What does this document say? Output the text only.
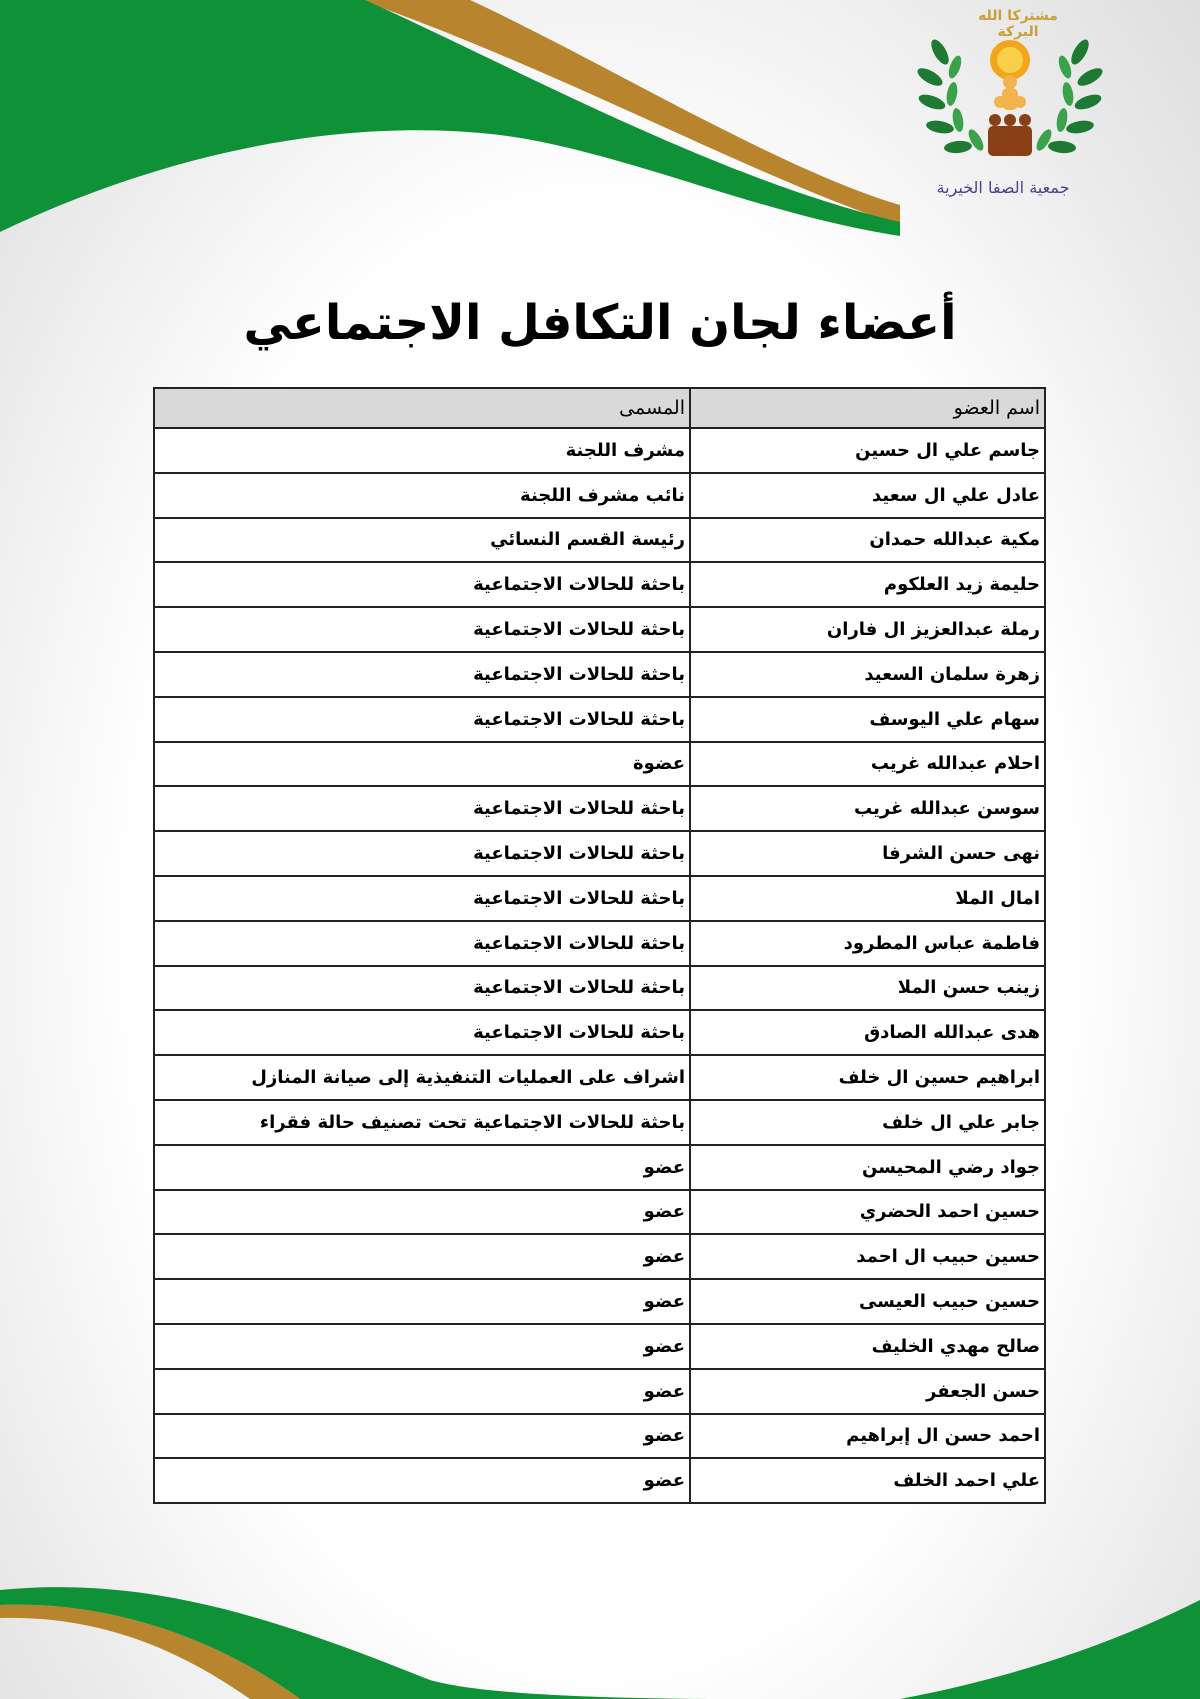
مشتركا الله البركة
جمعية الصفا الخيرية
أعضاء لجان التكافل الاجتماعي
اسم العضو	المسمى
جاسم علي ال حسين	مشرف اللجنة
عادل علي ال سعيد	نائب مشرف اللجنة
مكية عبدالله حمدان	رئيسة القسم النسائي
حليمة زيد العلكوم	باحثة للحالات الاجتماعية
رملة عبدالعزيز ال فاران	باحثة للحالات الاجتماعية
زهرة سلمان السعيد	باحثة للحالات الاجتماعية
سهام علي اليوسف	باحثة للحالات الاجتماعية
احلام عبدالله غريب	عضوة
سوسن عبدالله غريب	باحثة للحالات الاجتماعية
نهى حسن الشرفا	باحثة للحالات الاجتماعية
امال الملا	باحثة للحالات الاجتماعية
فاطمة عباس المطرود	باحثة للحالات الاجتماعية
زينب حسن الملا	باحثة للحالات الاجتماعية
هدى عبدالله الصادق	باحثة للحالات الاجتماعية
ابراهيم حسين ال خلف	اشراف على العمليات التنفيذية إلى صيانة المنازل
جابر علي ال خلف	باحثة للحالات الاجتماعية تحت تصنيف حالة فقراء
جواد رضي المحيسن	عضو
حسين احمد الحضري	عضو
حسين حبيب ال احمد	عضو
حسين حبيب العيسى	عضو
صالح مهدي الخليف	عضو
حسن الجعفر	عضو
احمد حسن ال إبراهيم	عضو
علي احمد الخلف	عضو
